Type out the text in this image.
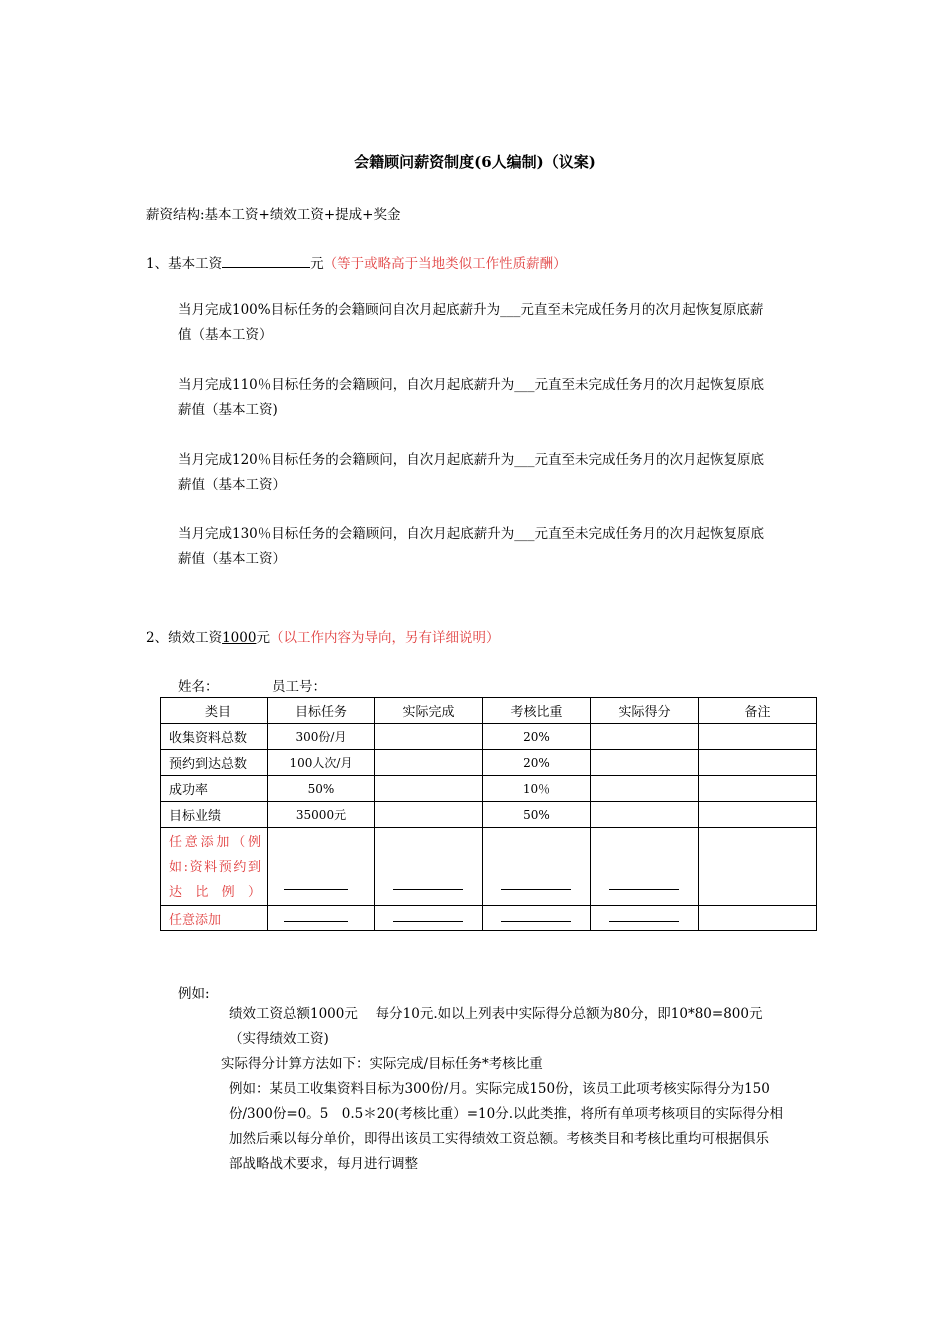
会籍顾问薪资制度(6人编制)（议案)
薪资结构:基本工资+绩效工资+提成+奖金
1、基本工资	元（等于或略高于当地类似工作性质薪酬）
当月完成100%目标任务的会籍顾问自次月起底薪升为___元直至未完成任务月的次月起恢复原底薪
值（基本工资）
当月完成110％目标任务的会籍顾问，自次月起底薪升为___元直至未完成任务月的次月起恢复原底
薪值（基本工资)
当月完成120％目标任务的会籍顾问，自次月起底薪升为___元直至未完成任务月的次月起恢复原底
薪值（基本工资）
当月完成130％目标任务的会籍顾问，自次月起底薪升为___元直至未完成任务月的次月起恢复原底
薪值（基本工资）
2、绩效工资1000元（以工作内容为导向，另有详细说明）
姓名：	员工号：
类目	目标任务	实际完成	考核比重	实际得分	备注
收集资料总数	300份/月		20%		
预约到达总数	100人次/月		20%		
成功率	50%		10％		
目标业绩	35000元		50%		
任意添加（例如:资料预约到达比例）	

任意添加	

例如:
绩效工资总额1000元　 每分10元.如以上列表中实际得分总额为80分，即10*80=800元
（实得绩效工资)
实际得分计算方法如下：实际完成/目标任务*考核比重
例如：某员工收集资料目标为300份/月。实际完成150份，该员工此项考核实际得分为150
份/300份=0。5　0.5＊20(考核比重）=10分.以此类推，将所有单项考核项目的实际得分相
加然后乘以每分单价，即得出该员工实得绩效工资总额。考核类目和考核比重均可根据俱乐
部战略战术要求，每月进行调整
